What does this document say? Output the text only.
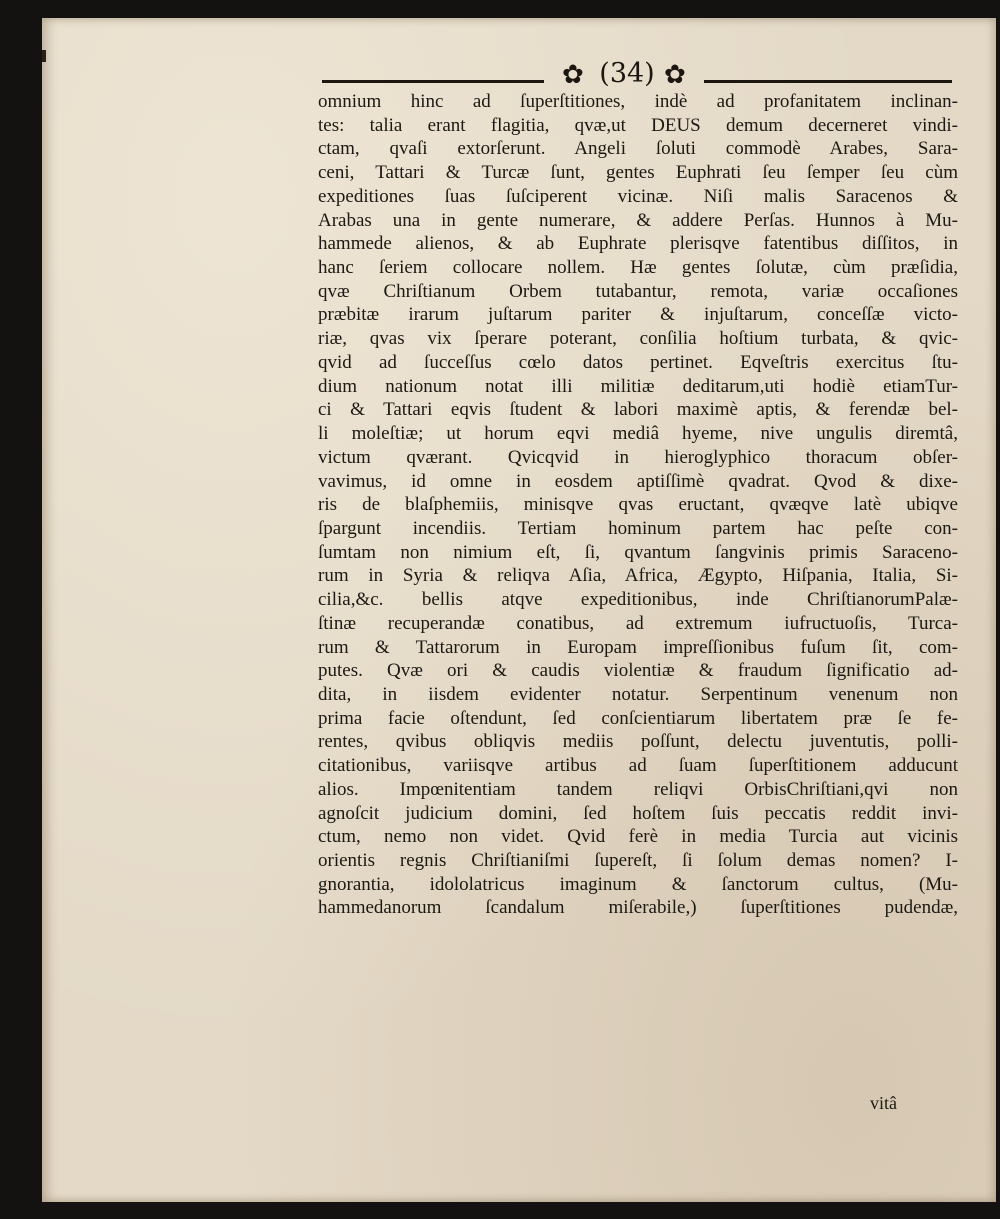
✿ (34) ✿
omnium hinc ad ſuperſtitiones, indè ad profanitatem inclinan-
tes: talia erant flagitia, qvæ,ut DEUS demum decerneret vindi-
ctam, qvaſi extorſerunt. Angeli ſoluti commodè Arabes, Sara-
ceni, Tattari & Turcæ ſunt, gentes Euphrati ſeu ſemper ſeu cùm
expeditiones ſuas ſuſciperent vicinæ. Niſi malis Saracenos &
Arabas una in gente numerare, & addere Perſas. Hunnos à Mu-
hammede alienos, & ab Euphrate plerisqve fatentibus diſſitos, in
hanc ſeriem collocare nollem. Hæ gentes ſolutæ, cùm præſidia,
qvæ Chriſtianum Orbem tutabantur, remota, variæ occaſiones
præbitæ irarum juſtarum pariter & injuſtarum, conceſſæ victo-
riæ, qvas vix ſperare poterant, conſilia hoſtium turbata, & qvic-
qvid ad ſucceſſus cœlo datos pertinet. Eqveſtris exercitus ſtu-
dium nationum notat illi militiæ deditarum,uti hodiè etiamTur-
ci & Tattari eqvis ſtudent & labori maximè aptis, & ferendæ bel-
li moleſtiæ; ut horum eqvi mediâ hyeme, nive ungulis diremtâ,
victum qværant. Qvicqvid in hieroglyphico thoracum obſer-
vavimus, id omne in eosdem aptiſſimè qvadrat. Qvod & dixe-
ris de blaſphemiis, minisqve qvas eructant, qvæqve latè ubiqve
ſpargunt incendiis. Tertiam hominum partem hac peſte con-
ſumtam non nimium eſt, ſi, qvantum ſangvinis primis Saraceno-
rum in Syria & reliqva Aſia, Africa, Ægypto, Hiſpania, Italia, Si-
cilia,&c. bellis atqve expeditionibus, inde ChriſtianorumPalæ-
ſtinæ recuperandæ conatibus, ad extremum iufructuoſis, Turca-
rum & Tattarorum in Europam impreſſionibus fuſum ſit, com-
putes. Qvæ ori & caudis violentiæ & fraudum ſignificatio ad-
dita, in iisdem evidenter notatur. Serpentinum venenum non
prima facie oſtendunt, ſed conſcientiarum libertatem præ ſe fe-
rentes, qvibus obliqvis mediis poſſunt, delectu juventutis, polli-
citationibus, variisqve artibus ad ſuam ſuperſtitionem adducunt
alios. Impœnitentiam tandem reliqvi OrbisChriſtiani,qvi non
agnoſcit judicium domini, ſed hoſtem ſuis peccatis reddit invi-
ctum, nemo non videt. Qvid ferè in media Turcia aut vicinis
orientis regnis Chriſtianiſmi ſupereſt, ſi ſolum demas nomen? I-
gnorantia, idololatricus imaginum & ſanctorum cultus, (Mu-
hammedanorum ſcandalum miſerabile,) ſuperſtitiones pudendæ,
vitâ
